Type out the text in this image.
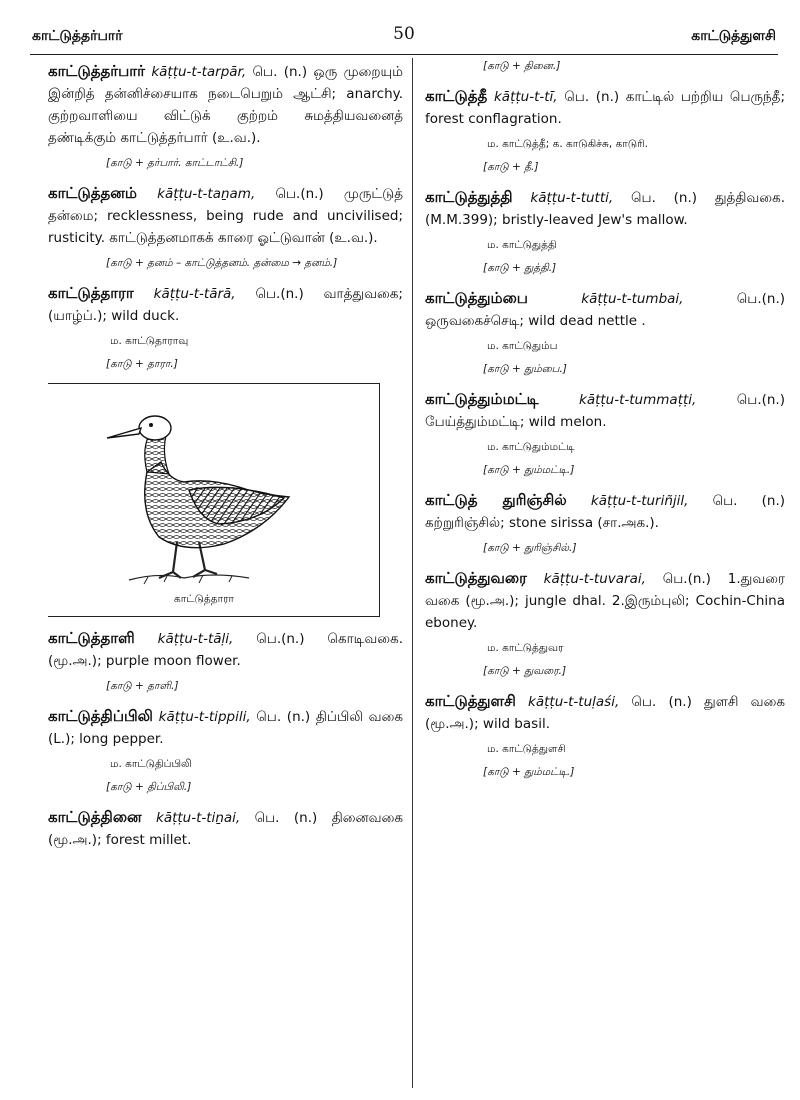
காட்டுத்தர்பார்	50	காட்டுத்துளசி

காட்டுத்தர்பார் kāṭṭu-t-tarpār, பெ. (n.) ஒரு முறையும் இன்றித் தன்னிச்சையாக நடைபெறும் ஆட்சி; anarchy. குற்றவாளியை விட்டுக் குற்றம் சுமத்தியவனைத் தண்டிக்கும் காட்டுத்தர்பார் (உ.வ.).

[காடு + தர்பார். காட்டாட்சி.]

காட்டுத்தனம் kāṭṭu-t-taṉam, பெ.(n.) முருட்டுத் தன்மை; recklessness, being rude and uncivilised; rusticity. காட்டுத்தனமாகக் காரை ஓட்டுவான் (உ.வ.).

[காடு + தனம் – காட்டுத்தனம். தன்மை → தனம்.]

காட்டுத்தாரா kāṭṭu-t-tārā, பெ.(n.) வாத்துவகை; (யாழ்ப்.); wild duck.

ம. காட்டுதாராவு
[காடு + தாரா.]
காட்டுத்தாரா

காட்டுத்தாளி kāṭṭu-t-tāḷi, பெ.(n.) கொடிவகை. (மூ.அ.); purple moon flower.

[காடு + தாளி.]

காட்டுத்திப்பிலி kāṭṭu-t-tippili, பெ. (n.) திப்பிலி வகை (L.); long pepper.

ம. காட்டுதிப்பிலி
[காடு + திப்பிலி.]

காட்டுத்தினை kāṭṭu-t-tiṉai, பெ. (n.) தினைவகை (மூ.அ.); forest millet.

[காடு + தினை.]

காட்டுத்தீ kāṭṭu-t-tī, பெ. (n.) காட்டில் பற்றிய பெருந்தீ; forest conflagration.

ம. காட்டுத்தீ; க. காடுகிச்சு, காடுரி.
[காடு + தீ.]

காட்டுத்துத்தி kāṭṭu-t-tutti, பெ. (n.) துத்திவகை. (M.M.399); bristly-leaved Jew's mallow.

ம. காட்டுதுத்தி
[காடு + துத்தி.]

காட்டுத்தும்பை	kāṭṭu-t-tumbai,	பெ.(n.) ஒருவகைச்செடி; wild dead nettle .

ம. காட்டுதும்ப
[காடு + தும்பை.]

காட்டுத்தும்மட்டி	kāṭṭu-t-tummaṭṭi,	பெ.(n.) பேய்த்தும்மட்டி; wild melon.

ம. காட்டுதும்மட்டி
[காடு + தும்மட்டி.]

காட்டுத் துரிஞ்சில் kāṭṭu-t-turiñjil, பெ. (n.) கற்றுரிஞ்சில்; stone sirissa (சா.அக.).

[காடு + துரிஞ்சில்.]

காட்டுத்துவரை kāṭṭu-t-tuvarai, பெ.(n.) 1.துவரை வகை (மூ.அ.); jungle dhal. 2.இரும்புலி; Cochin-China eboney.

ம. காட்டுத்துவர
[காடு + துவரை.]

காட்டுத்துளசி kāṭṭu-t-tuḷaśi, பெ. (n.) துளசி வகை (மூ.அ.); wild basil.

ம. காட்டுத்துளசி
[காடு + தும்மட்டி.]
